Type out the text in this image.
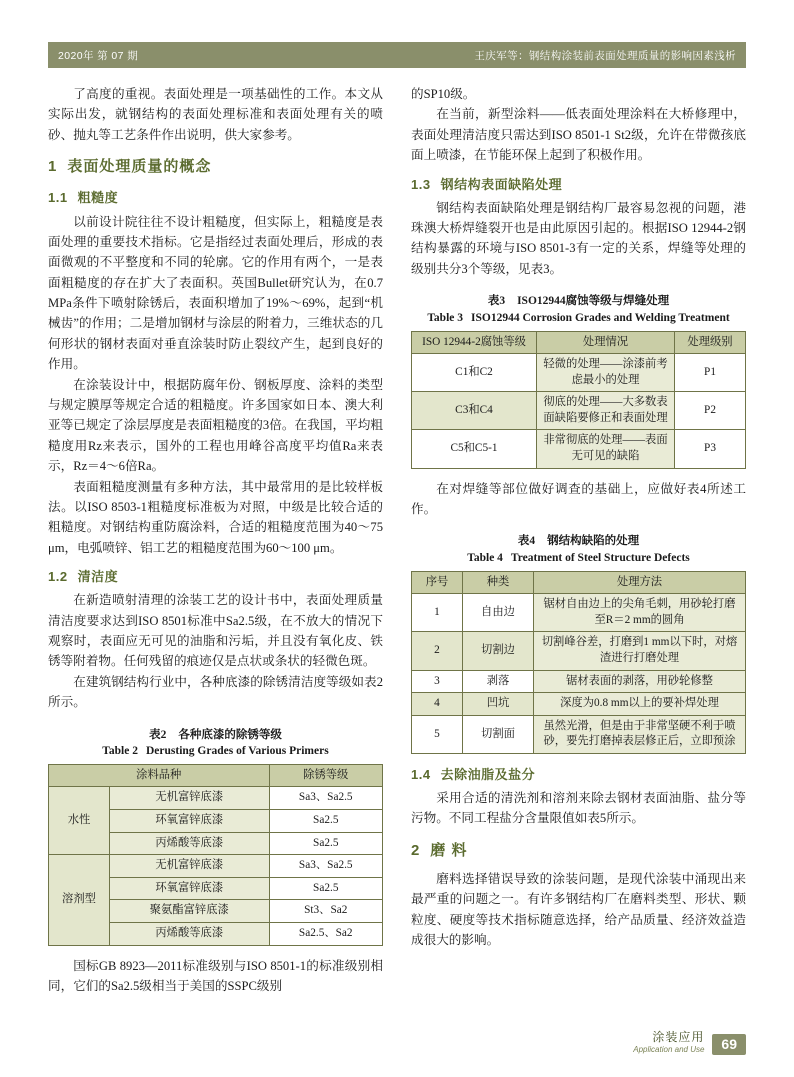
2020年 第 07 期	王庆军等：钢结构涂装前表面处理质量的影响因素浅析

了高度的重视。表面处理是一项基础性的工作。本文从实际出发，就钢结构的表面处理标准和表面处理有关的喷砂、抛丸等工艺条件作出说明，供大家参考。

1 表面处理质量的概念
1.1 粗糙度

以前设计院往往不设计粗糙度，但实际上，粗糙度是表面处理的重要技术指标。它是指经过表面处理后，形成的表面微观的不平整度和不同的轮廓。它的作用有两个，一是表面粗糙度的存在扩大了表面积。英国Bullet研究认为，在0.7 MPa条件下喷射除锈后，表面积增加了19%～69%，起到“机械齿”的作用；二是增加钢材与涂层的附着力，三维状态的几何形状的钢材表面对垂直涂装时防止裂纹产生，起到良好的作用。

在涂装设计中，根据防腐年份、钢板厚度、涂料的类型与规定膜厚等规定合适的粗糙度。许多国家如日本、澳大利亚等已规定了涂层厚度是表面粗糙度的3倍。在我国，平均粗糙度用Rz来表示，国外的工程也用峰谷高度平均值Ra来表示，Rz＝4～6倍Ra。

表面粗糙度测量有多种方法，其中最常用的是比较样板法。以ISO 8503-1粗糙度标准板为对照，中级是比较合适的粗糙度。对钢结构重防腐涂料，合适的粗糙度范围为40～75 μm，电弧喷锌、铝工艺的粗糙度范围为60～100 μm。

1.2 清洁度

在新造喷射清理的涂装工艺的设计书中，表面处理质量清洁度要求达到ISO 8501标准中Sa2.5级，在不放大的情况下观察时，表面应无可见的油脂和污垢，并且没有氧化皮、铁锈等附着物。任何残留的痕迹仅是点状或条状的轻微色斑。

在建筑钢结构行业中，各种底漆的除锈清洁度等级如表2所示。

表2 各种底漆的除锈等级
Table 2 Derusting Grades of Various Primers
涂料品种		除锈等级
水性	无机富锌底漆	Sa3、Sa2.5
	环氧富锌底漆	Sa2.5
	丙烯酸等底漆	Sa2.5
溶剂型	无机富锌底漆	Sa3、Sa2.5
	环氧富锌底漆	Sa2.5
	聚氨酯富锌底漆	St3、Sa2
	丙烯酸等底漆	Sa2.5、Sa2

国标GB 8923—2011标准级别与ISO 8501-1的标准级别相同，它们的Sa2.5级相当于美国的SSPC级别

的SP10级。

在当前，新型涂料——低表面处理涂料在大桥修理中，表面处理清洁度只需达到ISO 8501-1 St2级，允许在带微孩底面上喷漆，在节能环保上起到了积极作用。

1.3 钢结构表面缺陷处理

钢结构表面缺陷处理是钢结构厂最容易忽视的问题，港珠澳大桥焊缝裂开也是由此原因引起的。根据ISO 12944-2钢结构暴露的环境与ISO 8501-3有一定的关系，焊缝等处理的级别共分3个等级，见表3。

表3 ISO12944腐蚀等级与焊缝处理
Table 3 ISO12944 Corrosion Grades and Welding Treatment
ISO 12944-2腐蚀等级	处理情况	处理级别
C1和C2	轻微的处理——涂漆前考虑最小的处理	P1
C3和C4	彻底的处理——大多数表面缺陷要修正和表面处理	P2
C5和C5-1	非常彻底的处理——表面无可见的缺陷	P3

在对焊缝等部位做好调查的基础上，应做好表4所述工作。

表4 钢结构缺陷的处理
Table 4 Treatment of Steel Structure Defects
序号	种类	处理方法
1	自由边	锯材自由边上的尖角毛刺，用砂轮打磨至R＝2 mm的圆角
2	切割边	切割峰谷差，打磨到1 mm以下时，对熔渣进行打磨处理
3	剥落	锯材表面的剥落，用砂轮修整
4	凹坑	深度为0.8 mm以上的要补焊处理
5	切割面	虽然光滑，但是由于非常坚硬不利于喷砂，要先打磨掉表层修正后，立即预涂
1.4 去除油脂及盐分

采用合适的清洗剂和溶剂来除去钢材表面油脂、盐分等污物。不同工程盐分含量限值如表5所示。

2 磨 料

磨料选择错误导致的涂装问题，是现代涂装中涌现出来最严重的问题之一。有许多钢结构厂在磨料类型、形状、颗粒度、硬度等技术指标随意选择，给产品质量、经济效益造成很大的影响。

涂装应用
Application and Use	69
